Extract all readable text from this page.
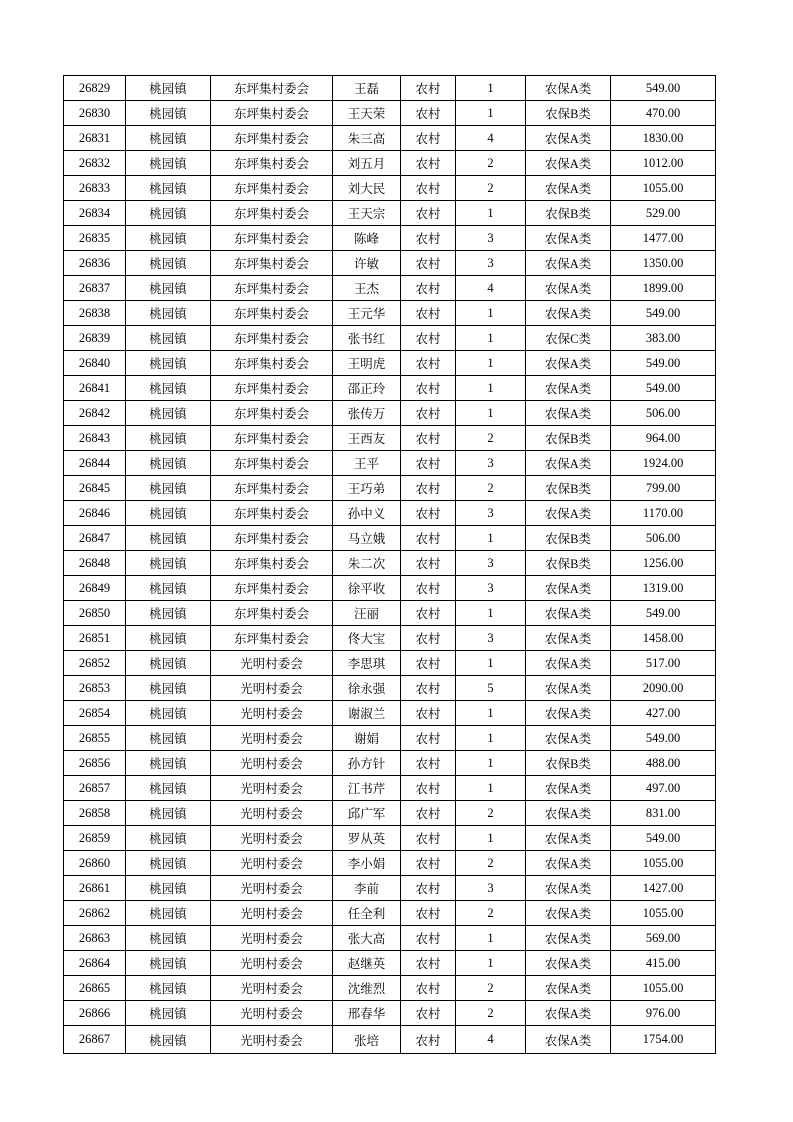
26829	桃园镇	东坪集村委会	王磊	农村	1	农保A类	549.00
26830	桃园镇	东坪集村委会	王天荣	农村	1	农保B类	470.00
26831	桃园镇	东坪集村委会	朱三高	农村	4	农保A类	1830.00
26832	桃园镇	东坪集村委会	刘五月	农村	2	农保A类	1012.00
26833	桃园镇	东坪集村委会	刘大民	农村	2	农保A类	1055.00
26834	桃园镇	东坪集村委会	王天宗	农村	1	农保B类	529.00
26835	桃园镇	东坪集村委会	陈峰	农村	3	农保A类	1477.00
26836	桃园镇	东坪集村委会	许敏	农村	3	农保A类	1350.00
26837	桃园镇	东坪集村委会	王杰	农村	4	农保A类	1899.00
26838	桃园镇	东坪集村委会	王元华	农村	1	农保A类	549.00
26839	桃园镇	东坪集村委会	张书红	农村	1	农保C类	383.00
26840	桃园镇	东坪集村委会	王明虎	农村	1	农保A类	549.00
26841	桃园镇	东坪集村委会	邵正玲	农村	1	农保A类	549.00
26842	桃园镇	东坪集村委会	张传万	农村	1	农保A类	506.00
26843	桃园镇	东坪集村委会	王西友	农村	2	农保B类	964.00
26844	桃园镇	东坪集村委会	王平	农村	3	农保A类	1924.00
26845	桃园镇	东坪集村委会	王巧弟	农村	2	农保B类	799.00
26846	桃园镇	东坪集村委会	孙中义	农村	3	农保A类	1170.00
26847	桃园镇	东坪集村委会	马立娥	农村	1	农保B类	506.00
26848	桃园镇	东坪集村委会	朱二次	农村	3	农保B类	1256.00
26849	桃园镇	东坪集村委会	徐平收	农村	3	农保A类	1319.00
26850	桃园镇	东坪集村委会	汪丽	农村	1	农保A类	549.00
26851	桃园镇	东坪集村委会	佟大宝	农村	3	农保A类	1458.00
26852	桃园镇	光明村委会	李思琪	农村	1	农保A类	517.00
26853	桃园镇	光明村委会	徐永强	农村	5	农保A类	2090.00
26854	桃园镇	光明村委会	谢淑兰	农村	1	农保A类	427.00
26855	桃园镇	光明村委会	谢娟	农村	1	农保A类	549.00
26856	桃园镇	光明村委会	孙方针	农村	1	农保B类	488.00
26857	桃园镇	光明村委会	江书芹	农村	1	农保A类	497.00
26858	桃园镇	光明村委会	邱广军	农村	2	农保A类	831.00
26859	桃园镇	光明村委会	罗从英	农村	1	农保A类	549.00
26860	桃园镇	光明村委会	李小娟	农村	2	农保A类	1055.00
26861	桃园镇	光明村委会	李前	农村	3	农保A类	1427.00
26862	桃园镇	光明村委会	任全利	农村	2	农保A类	1055.00
26863	桃园镇	光明村委会	张大高	农村	1	农保A类	569.00
26864	桃园镇	光明村委会	赵继英	农村	1	农保A类	415.00
26865	桃园镇	光明村委会	沈维烈	农村	2	农保A类	1055.00
26866	桃园镇	光明村委会	邢春华	农村	2	农保A类	976.00
26867	桃园镇	光明村委会	张培	农村	4	农保A类	1754.00
